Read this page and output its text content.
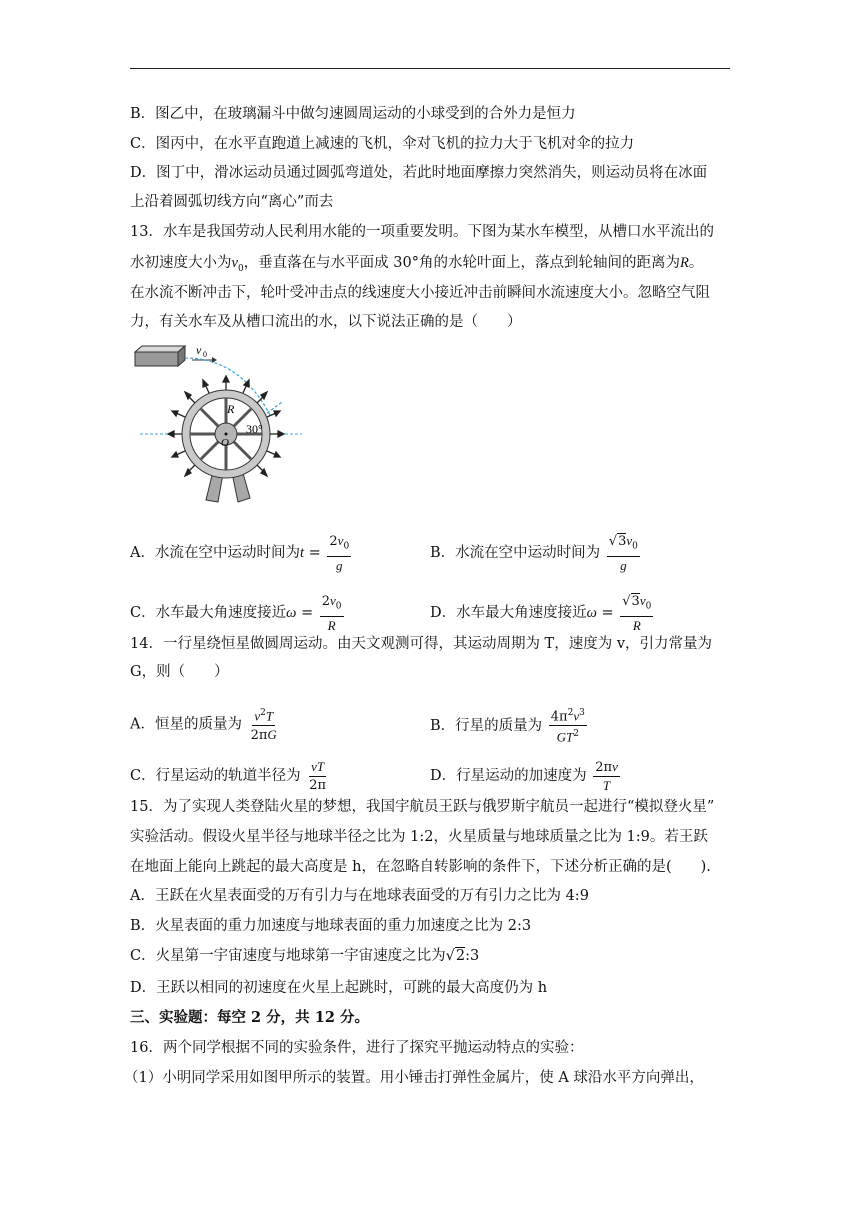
B．图乙中，在玻璃漏斗中做匀速圆周运动的小球受到的合外力是恒力
C．图丙中，在水平直跑道上减速的飞机，伞对飞机的拉力大于飞机对伞的拉力
D．图丁中，滑冰运动员通过圆弧弯道处，若此时地面摩擦力突然消失，则运动员将在冰面
上沿着圆弧切线方向“离心”而去
13．水车是我国劳动人民利用水能的一项重要发明。下图为某水车模型，从槽口水平流出的
水初速度大小为$v_0$，垂直落在与水平面成 30°角的水轮叶面上，落点到轮轴间的距离为R。
在水流不断冲击下，轮叶受冲击点的线速度大小接近冲击前瞬间水流速度大小。忽略空气阻
力，有关水车及从槽口流出的水，以下说法正确的是（　　）
v 0
R
O
30°
A．水流在空中运动时间为$t = \frac{2v_0}{g}$	B．水流在空中运动时间为 $\frac{√3v_0}{g}$
C．水车最大角速度接近$\omega = \frac{2v_0}{R}$	D．水车最大角速度接近$\omega = \frac{√3v_0}{R}$
14．一行星绕恒星做圆周运动。由天文观测可得，其运动周期为 T，速度为 v，引力常量为
G，则（　　）
A．恒星的质量为 $\frac{v^2T}{2\pi G}$	B．行星的质量为 $\frac{4\pi^2v^3}{GT^2}$
C．行星运动的轨道半径为 $\frac{vT}{2\pi}$	D．行星运动的加速度为 $\frac{2\pi v}{T}$
15．为了实现人类登陆火星的梦想，我国宇航员王跃与俄罗斯宇航员一起进行“模拟登火星”
实验活动。假设火星半径与地球半径之比为 1:2，火星质量与地球质量之比为 1:9。若王跃
在地面上能向上跳起的最大高度是 h，在忽略自转影响的条件下，下述分析正确的是(　　).
A．王跃在火星表面受的万有引力与在地球表面受的万有引力之比为 4:9
B．火星表面的重力加速度与地球表面的重力加速度之比为 2:3
C．火星第一宇宙速度与地球第一宇宙速度之比为√2:3
D．王跃以相同的初速度在火星上起跳时，可跳的最大高度仍为 h
三、实验题：每空 2 分，共 12 分。
16．两个同学根据不同的实验条件，进行了探究平抛运动特点的实验：
（1）小明同学采用如图甲所示的装置。用小锤击打弹性金属片，使 A 球沿水平方向弹出，
